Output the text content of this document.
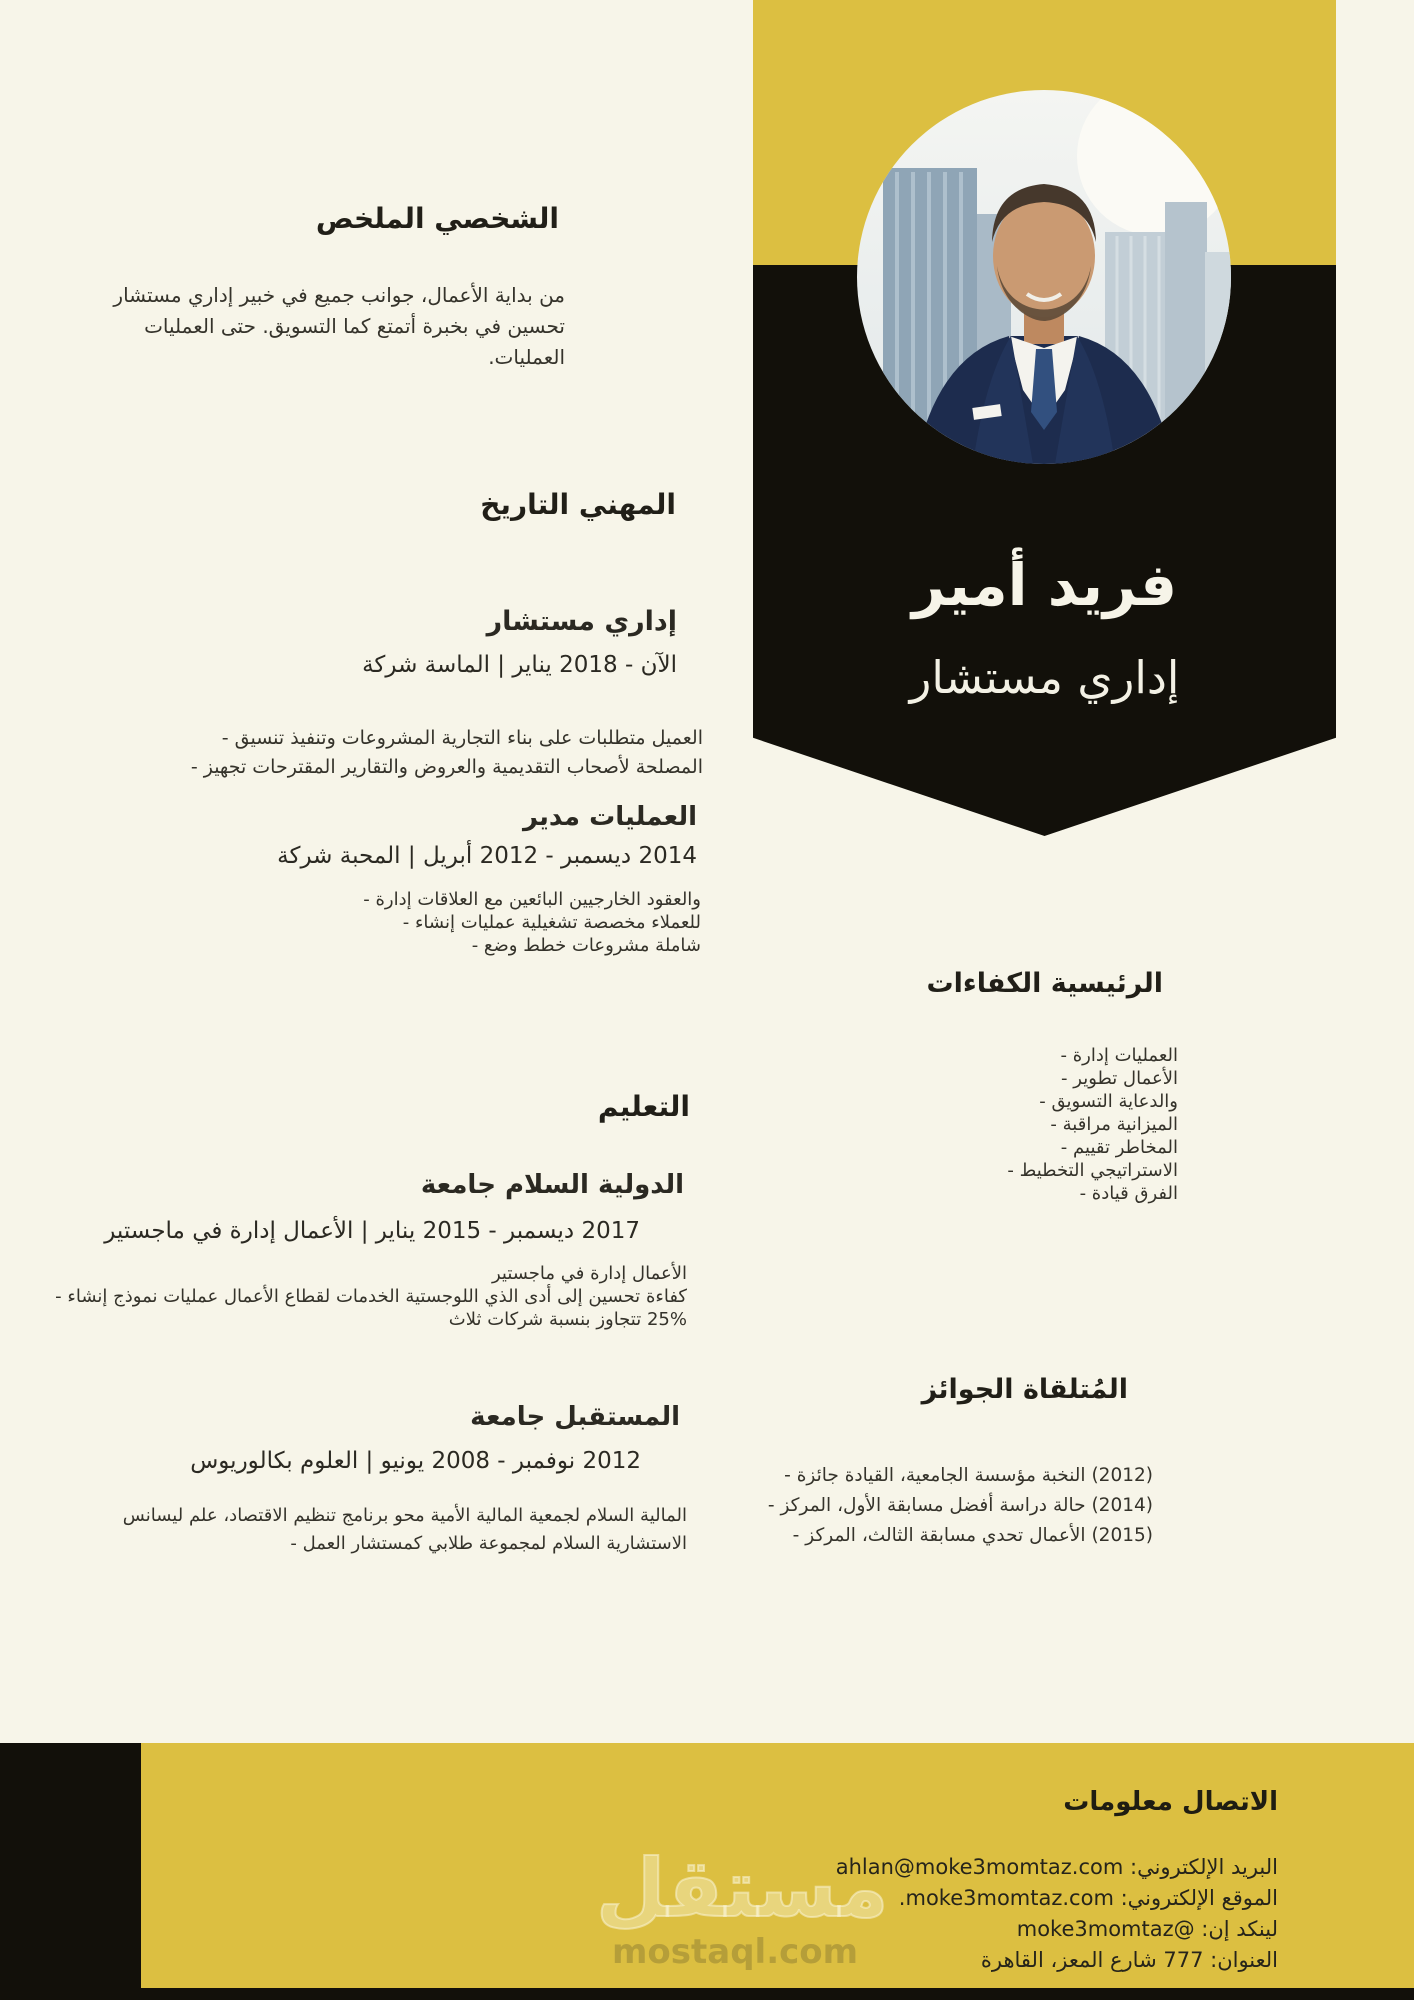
أمير فريد
مستشار إداري
الملخص الشخصي
مستشار إداري خبير في جميع جوانب الأعمال، بداية من
العمليات حتى التسويق. كما أتمتع بخبرة في تحسين
العمليات.
التاريخ المهني
مستشار إداري
شركة الماسة | يناير 2018 - الآن
- تنسيق وتنفيذ المشروعات التجارية بناء على متطلبات العميل
- تجهيز المقترحات والتقارير والعروض التقديمية لأصحاب المصلحة
مدير العمليات
شركة المحبة | أبريل 2012 - ديسمبر 2014
- إدارة العلاقات مع البائعين الخارجيين والعقود
- إنشاء عمليات تشغيلية مخصصة للعملاء
- وضع خطط مشروعات شاملة
التعليم
جامعة السلام الدولية
ماجستير في إدارة الأعمال | يناير 2015 - ديسمبر 2017
ماجستير في إدارة الأعمال
- إنشاء نموذج عمليات الأعمال لقطاع الخدمات اللوجستية الذي أدى إلى تحسين كفاءة
ثلاث شركات بنسبة تتجاوز 25%
جامعة المستقبل
بكالوريوس العلوم | يونيو 2008 - نوفمبر 2012
ليسانس علم الاقتصاد، تنظيم برنامج محو الأمية المالية لجمعية السلام المالية
- العمل كمستشار طلابي لمجموعة السلام الاستشارية
الكفاءات الرئيسية
- إدارة العمليات
- تطوير الأعمال
- التسويق والدعاية
- مراقبة الميزانية
- تقييم المخاطر
- التخطيط الاستراتيجي
- قيادة الفرق
الجوائز المُتلقاة
- جائزة القيادة الجامعية، مؤسسة النخبة (2012)
- المركز الأول، مسابقة أفضل دراسة حالة (2014)
- المركز الثالث، مسابقة تحدي الأعمال (2015)
معلومات الاتصال
البريد الإلكتروني: ahlan@moke3momtaz.com
الموقع الإلكتروني: moke3momtaz.com.
لينكد إن: @moke3momtaz
العنوان: 777 شارع المعز، القاهرة
مستقل
mostaql.com
